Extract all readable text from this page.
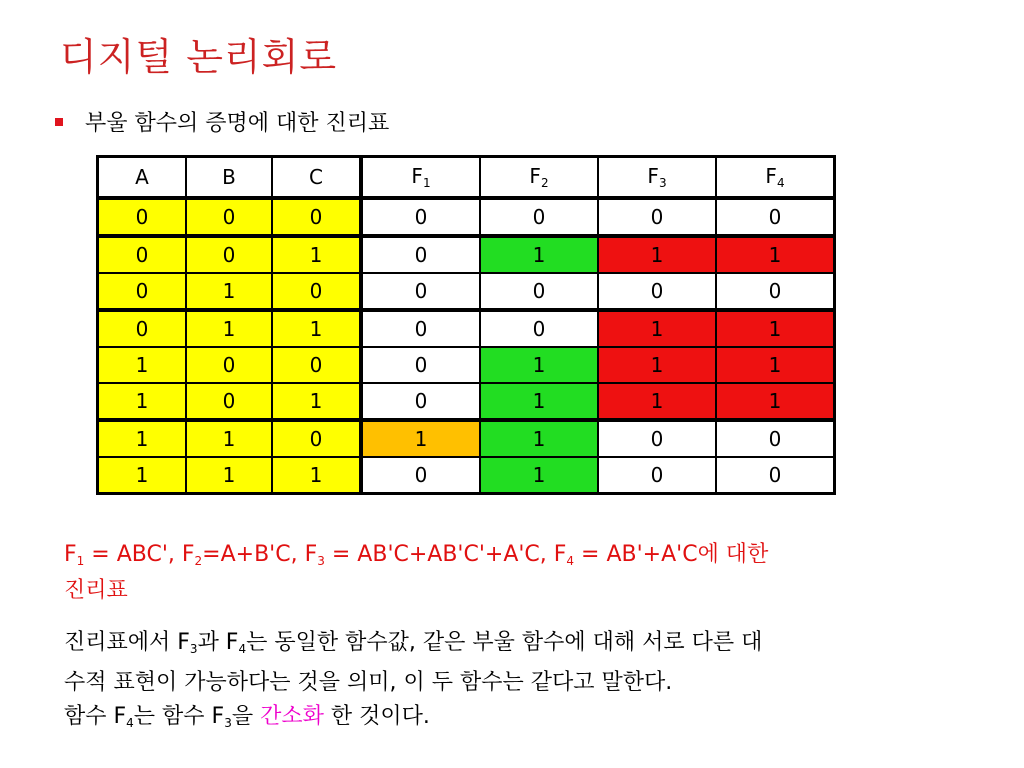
디지털 논리회로
부울 함수의 증명에 대한 진리표
A	B	C	$F_1$	$F_2$	$F_3$	$F_4$
0	0	0	0	0	0	0
0	0	1	0	1	1	1
0	1	0	0	0	0	0
0	1	1	0	0	1	1
1	0	0	0	1	1	1
1	0	1	0	1	1	1
1	1	0	1	1	0	0
1	1	1	0	1	0	0
$F_1 = ABC'$, $F_2=A+B'C$, $F_3 = AB'C+AB'C'+A'C$, $F_4 = AB'+A'C$에 대한
진리표
진리표에서 $F_3$과 $F_4$는 동일한 함수값, 같은 부울 함수에 대해 서로 다른 대
수적 표현이 가능하다는 것을 의미, 이 두 함수는 같다고 말한다.
함수 $F_4$는 함수 $F_3$을 간소화 한 것이다.
